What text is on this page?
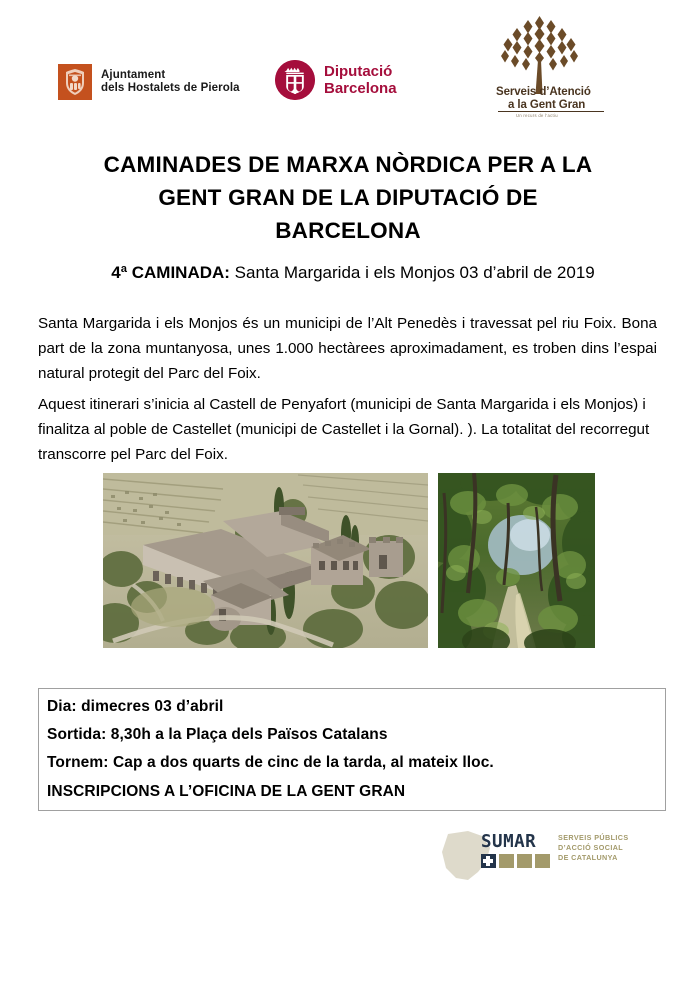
Ajuntament
dels Hostalets de Pierola
Diputació
Barcelona	Serveis d’Atenció
a la Gent Gran
Un recurs de l’actiu
CAMINADES DE MARXA NÒRDICA PER A LA
GENT GRAN DE LA DIPUTACIÓ DE
BARCELONA
4ª CAMINADA: Santa Margarida i els Monjos 03 d’abril de 2019
Santa Margarida i els Monjos és un municipi de l’Alt Penedès i travessat pel riu Foix. Bona part de la zona muntanyosa, unes 1.000 hectàrees aproximadament, es troben dins l’espai natural protegit del Parc del Foix.
Aquest itinerari s’inicia al Castell de Penyafort (municipi de Santa Margarida i els Monjos) i finalitza al poble de Castellet (municipi de Castellet i la Gornal). ). La totalitat del recorregut transcorre pel Parc del Foix.
Dia: dimecres 03 d’abril
Sortida: 8,30h a la Plaça dels Països Catalans
Tornem: Cap a dos quarts de cinc de la tarda, al mateix lloc.
INSCRIPCIONS A L’OFICINA DE LA GENT GRAN
SUMAR	SERVEIS PÚBLICS
D’ACCIÓ SOCIAL
DE CATALUNYA
